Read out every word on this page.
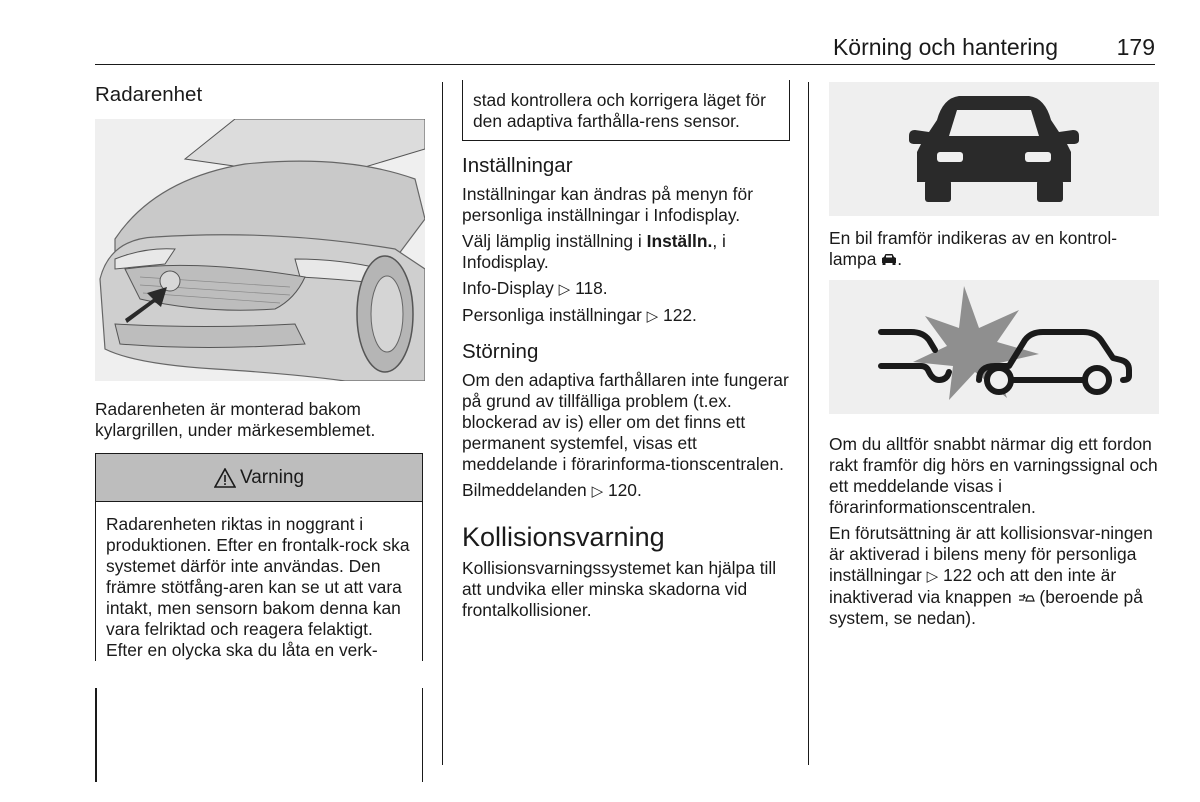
Körning och hantering	179
Radarenhet

Radarenheten är monterad bakom kylargrillen, under märkesemblemet.

Varning
Radarenheten riktas in noggrant i produktionen. Efter en frontalk-rock ska systemet därför inte användas. Den främre stötfång-aren kan se ut att vara intakt, men sensorn bakom denna kan vara felriktad och reagera felaktigt. Efter en olycka ska du låta en verk-
stad kontrollera och korrigera läget för den adaptiva farthålla-rens sensor.
Inställningar

Inställningar kan ändras på menyn för personliga inställningar i Infodisplay.

Välj lämplig inställning i Inställn., i Infodisplay.

Info-Display ▷ 118.

Personliga inställningar ▷ 122.

Störning

Om den adaptiva farthållaren inte fungerar på grund av tillfälliga problem (t.ex. blockerad av is) eller om det finns ett permanent systemfel, visas ett meddelande i förarinforma-tionscentralen.

Bilmeddelanden ▷ 120.

Kollisionsvarning

Kollisionsvarningssystemet kan hjälpa till att undvika eller minska skadorna vid frontalkollisioner.

En bil framför indikeras av en kontrol-lampa .

Om du alltför snabbt närmar dig ett fordon rakt framför dig hörs en varningssignal och ett meddelande visas i förarinformationscentralen.

En förutsättning är att kollisionsvar-ningen är aktiverad i bilens meny för personliga inställningar ▷ 122 och att den inte är inaktiverad via knappen (beroende på system, se nedan).
